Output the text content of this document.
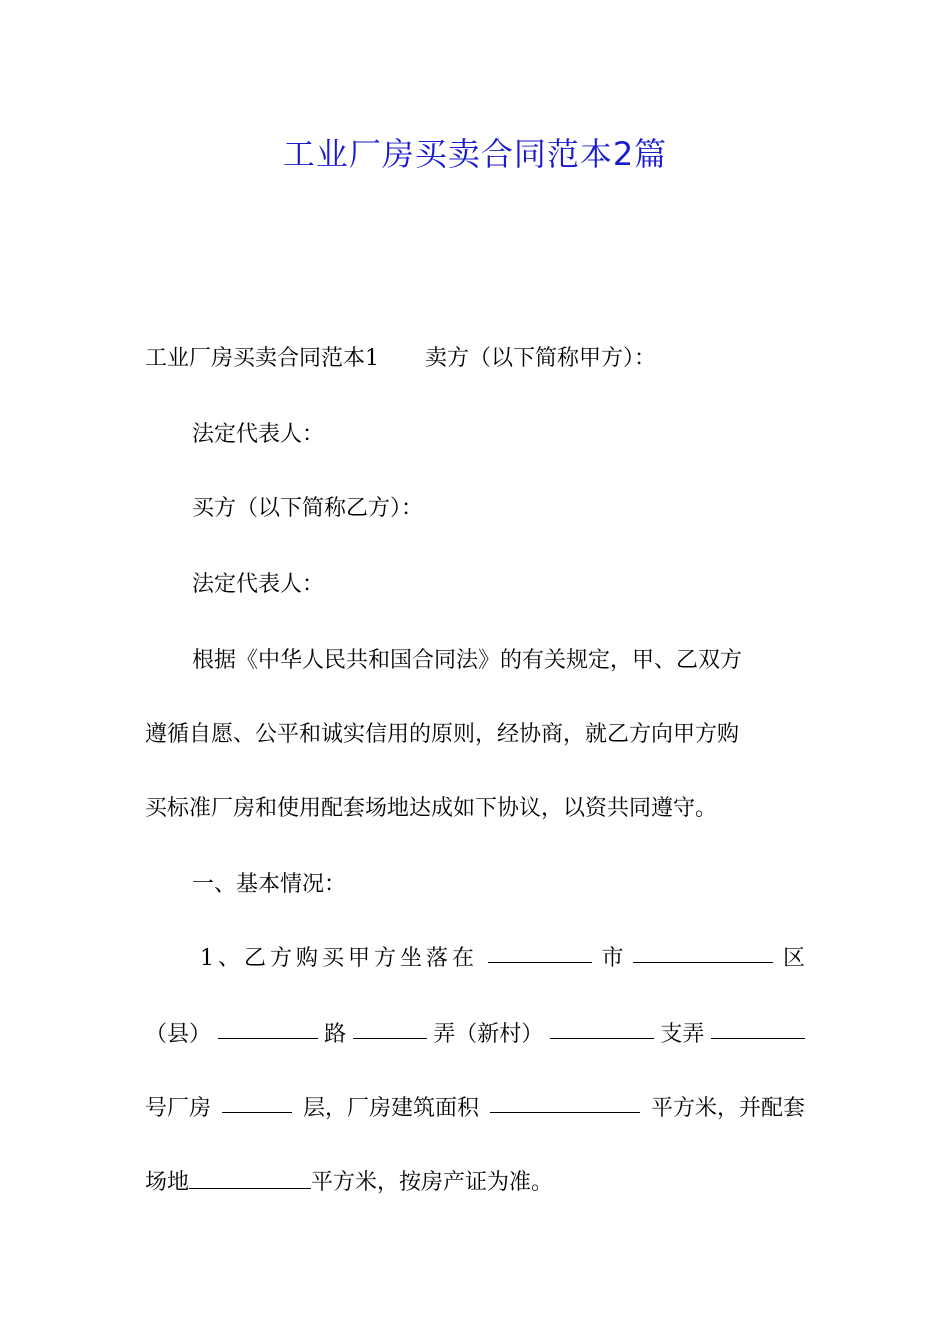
工业厂房买卖合同范本2篇
工业厂房买卖合同范本1 卖方（以下简称甲方）：
法定代表人：
买方（以下简称乙方）：
法定代表人：
根据《中华人民共和国合同法》的有关规定，甲、乙双方
遵循自愿、公平和诚实信用的原则，经协商，就乙方向甲方购
买标准厂房和使用配套场地达成如下协议，以资共同遵守。
一、基本情况：
1、乙方购买甲方坐落在	市	区
（县）	路	弄（新村）	支弄
号厂房	层，厂房建筑面积	平方米，并配套
场地	平方米，按房产证为准。
